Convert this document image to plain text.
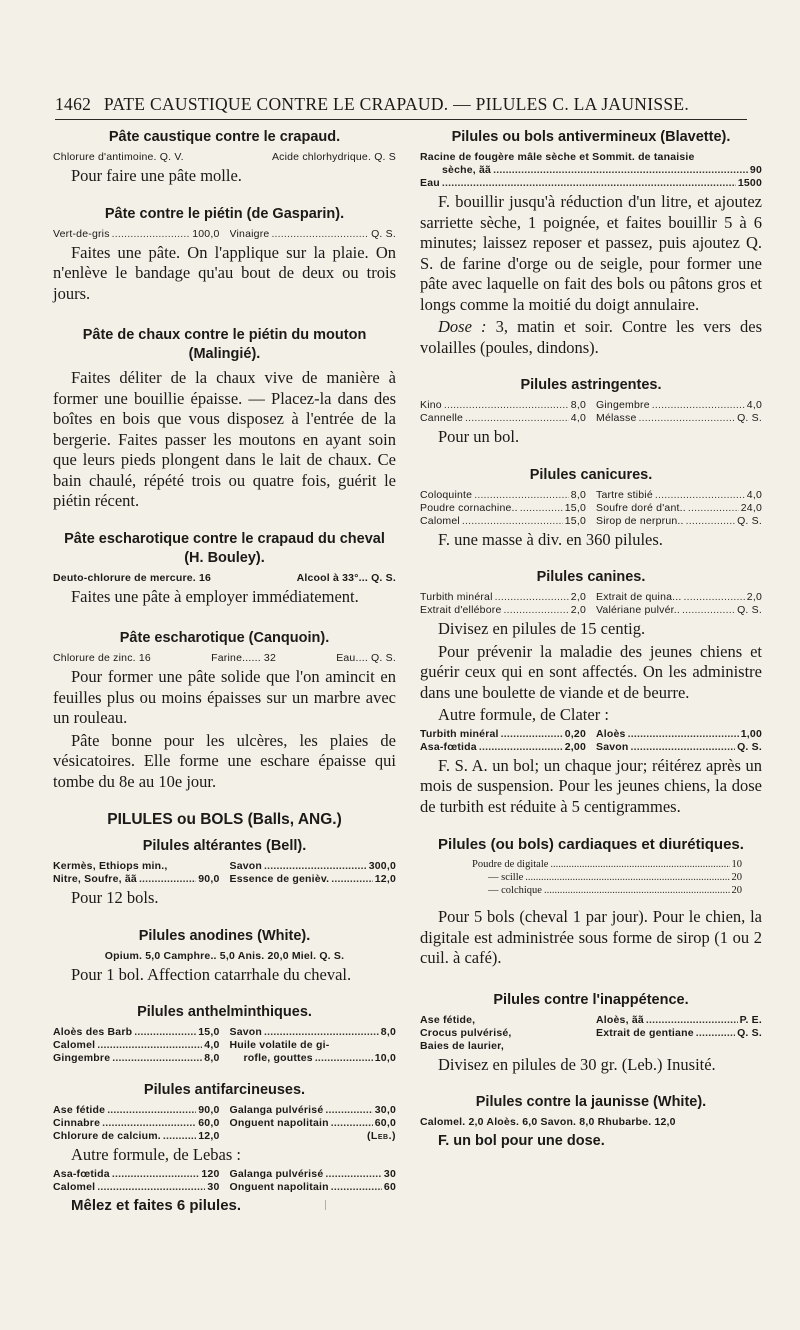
1462 PATE CAUSTIQUE CONTRE LE CRAPAUD. — PILULES C. LA JAUNISSE.
Pâte caustique contre le crapaud.
Chlorure d'antimoine. Q. V.	Acide chlorhydrique. Q. S
Pour faire une pâte molle.
Pâte contre le piétin (de Gasparin).
Vert-de-gris .....	100,0 Vinaigre .....	Q. S.
Faites une pâte. On l'applique sur la plaie. On n'enlève le bandage qu'au bout de deux ou trois jours.
Pâte de chaux contre le piétin du mouton (Malingié).
Faites déliter de la chaux vive de manière à former une bouillie épaisse. — Placez-la dans des boîtes en bois que vous disposez à l'entrée de la bergerie. Faites passer les moutons en ayant soin que leurs pieds plongent dans le lait de chaux. Ce bain chaulé, répété trois ou quatre fois, guérit le piétin récent.
Pâte escharotique contre le crapaud du cheval (H. Bouley).
Deuto-chlorure de mercure. 16	Alcool à 33°... Q. S.
Faites une pâte à employer immédiatement.
Pâte escharotique (Canquoin).
Chlorure de zinc. 16	Farine...... 32	Eau.... Q. S.
Pour former une pâte solide que l'on amincit en feuilles plus ou moins épaisses sur un marbre avec un rouleau.
Pâte bonne pour les ulcères, les plaies de vésicatoires. Elle forme une eschare épaisse qui tombe du 8e au 10e jour.
PILULES ou BOLS (Balls, ANG.)
Pilules altérantes (Bell).
Kermès, Ethiops min.,	Savon .....	300,0
Nitre, Soufre, ãã .....	90,0 Essence de genièv. .....	12,0
Pour 12 bols.
Pilules anodines (White).
Opium. 5,0 Camphre.. 5,0 Anis. 20,0 Miel. Q. S.
Pour 1 bol. Affection catarrhale du cheval.
Pilules anthelminthiques.
Aloès des Barb .....	15,0 Savon .....	8,0
Calomel .....	4,0 Huile volatile de gi-
Gingembre .....	8,0	rofle, gouttes .....	10,0
Pilules antifarcineuses.
Ase fétide .....	90,0 Galanga pulvérisé .....	30,0
Cinnabre .....	60,0 Onguent napolitain .....	60,0
Chlorure de calcium. .....	12,0	(Leb.)
Autre formule, de Lebas :
Asa-fœtida .....	120 Galanga pulvérisé .....	30
Calomel .....	30 Onguent napolitain .....	60
Mêlez et faites 6 pilules.
Pilules ou bols antivermineux (Blavette).
Racine de fougère mâle sèche et Sommit. de tanaisie
sèche, ãã .....	90
Eau .....	1500
F. bouillir jusqu'à réduction d'un litre, et ajoutez sarriette sèche, 1 poignée, et faites bouillir 5 à 6 minutes; laissez reposer et passez, puis ajoutez Q. S. de farine d'orge ou de seigle, pour former une pâte avec laquelle on fait des bols ou pâtons gros et longs comme la moitié du doigt annulaire.
Dose : 3, matin et soir. Contre les vers des volailles (poules, dindons).
Pilules astringentes.
Kino .....	8,0 Gingembre .....	4,0
Cannelle .....	4,0 Mélasse .....	Q. S.
Pour un bol.
Pilules canicures.
Coloquinte .....	8,0 Tartre stibié .....	4,0
Poudre cornachine.. .....	15,0 Soufre doré d'ant.. .....	24,0
Calomel .....	15,0 Sirop de nerprun.. .....	Q. S.
F. une masse à div. en 360 pilules.
Pilules canines.
Turbith minéral .....	2,0 Extrait de quina... .....	2,0
Extrait d'ellébore .....	2,0 Valériane pulvér.. .....	Q. S.
Divisez en pilules de 15 centig.
Pour prévenir la maladie des jeunes chiens et guérir ceux qui en sont affectés. On les administre dans une boulette de viande et de beurre.
Autre formule, de Clater :
Turbith minéral .....	0,20 Aloès .....	1,00
Asa-fœtida .....	2,00 Savon .....	Q. S.
F. S. A. un bol; un chaque jour; réitérez après un mois de suspension. Pour les jeunes chiens, la dose de turbith est réduite à 5 centigrammes.
Pilules (ou bols) cardiaques et diurétiques.
Poudre de digitale .....	10
— scille .....	20
— colchique .....	20
Pour 5 bols (cheval 1 par jour). Pour le chien, la digitale est administrée sous forme de sirop (1 ou 2 cuil. à café).
Pilules contre l'inappétence.
Ase fétide,	Aloès, ãã .....	P. E.
Crocus pulvérisé,	Extrait de gentiane .....	Q. S.
Baies de laurier,
Divisez en pilules de 30 gr. (Leb.) Inusité.
Pilules contre la jaunisse (White).
Calomel. 2,0 Aloès. 6,0 Savon. 8,0 Rhubarbe. 12,0
F. un bol pour une dose.
